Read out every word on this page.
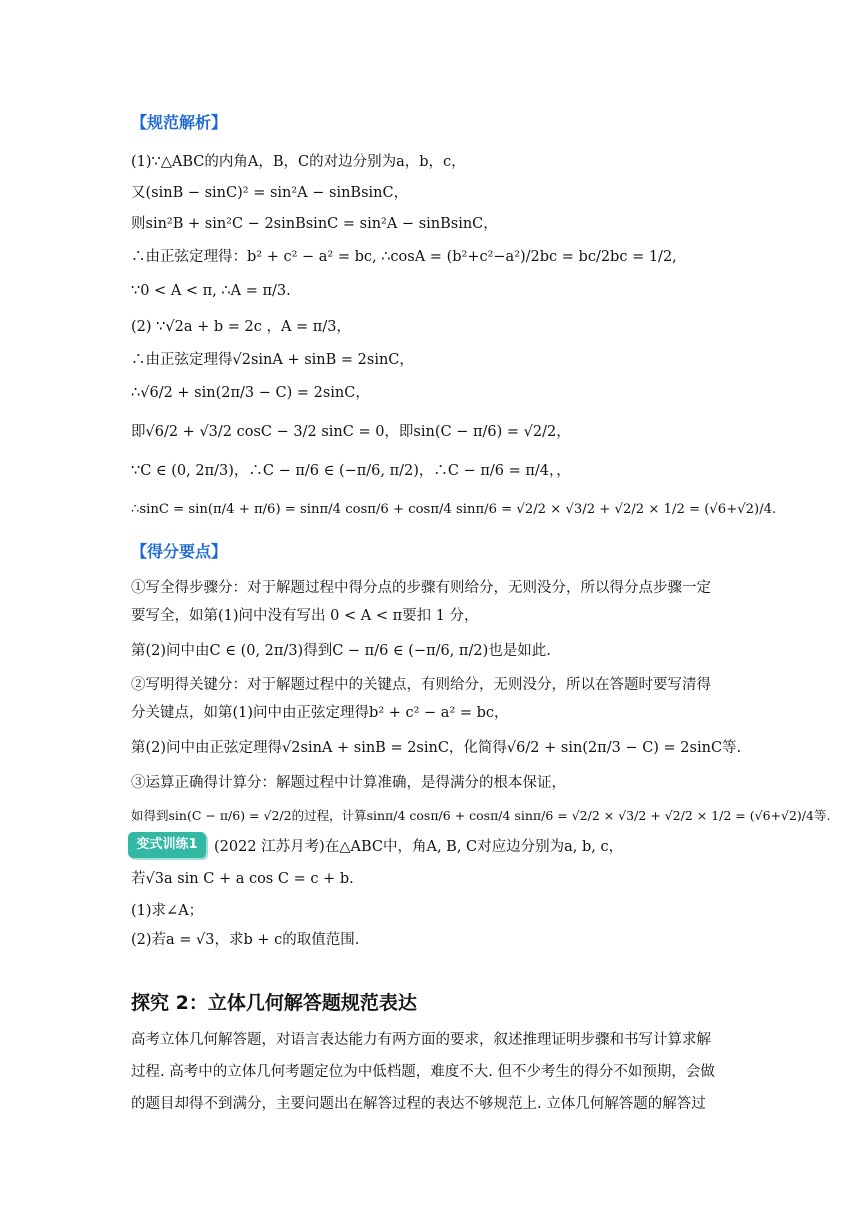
【规范解析】
(1)∵△ABC的内角A，B，C的对边分别为a，b，c，
又(sinB − sinC)² = sin²A − sinBsinC，
则sin²B + sin²C − 2sinBsinC = sin²A − sinBsinC，
∴由正弦定理得：b² + c² − a² = bc, ∴cosA = (b²+c²−a²)/2bc = bc/2bc = 1/2,
∵0 < A < π, ∴A = π/3.
(2) ∵√2a + b = 2c ，A = π/3，
∴由正弦定理得√2sinA + sinB = 2sinC，
∴√6/2 + sin(2π/3 − C) = 2sinC，
即√6/2 + √3/2 cosC − 3/2 sinC = 0，即sin(C − π/6) = √2/2，
∵C ∈ (0, 2π/3)，∴C − π/6 ∈ (−π/6, π/2)，∴C − π/6 = π/4，，
∴sinC = sin(π/4 + π/6) = sinπ/4 cosπ/6 + cosπ/4 sinπ/6 = √2/2 × √3/2 + √2/2 × 1/2 = (√6+√2)/4.
【得分要点】
①写全得步骤分：对于解题过程中得分点的步骤有则给分，无则没分，所以得分点步骤一定
要写全，如第(1)问中没有写出 0 < A < π要扣 1 分，
第(2)问中由C ∈ (0, 2π/3)得到C − π/6 ∈ (−π/6, π/2)也是如此.
②写明得关键分：对于解题过程中的关键点，有则给分，无则没分，所以在答题时要写清得
分关键点，如第(1)问中由正弦定理得b² + c² − a² = bc，
第(2)问中由正弦定理得√2sinA + sinB = 2sinC，化简得√6/2 + sin(2π/3 − C) = 2sinC等.
③运算正确得计算分：解题过程中计算准确，是得满分的根本保证，
如得到sin(C − π/6) = √2/2的过程，计算sinπ/4 cosπ/6 + cosπ/4 sinπ/6 = √2/2 × √3/2 + √2/2 × 1/2 = (√6+√2)/4等.
变式训练1	(2022 江苏月考)在△ABC中，角A, B, C对应边分别为a, b, c，
若√3a sin C + a cos C = c + b.
(1)求∠A；
(2)若a = √3，求b + c的取值范围.
探究 2：立体几何解答题规范表达
高考立体几何解答题，对语言表达能力有两方面的要求，叙述推理证明步骤和书写计算求解
过程. 高考中的立体几何考题定位为中低档题，难度不大. 但不少考生的得分不如预期，会做
的题目却得不到满分，主要问题出在解答过程的表达不够规范上. 立体几何解答题的解答过
